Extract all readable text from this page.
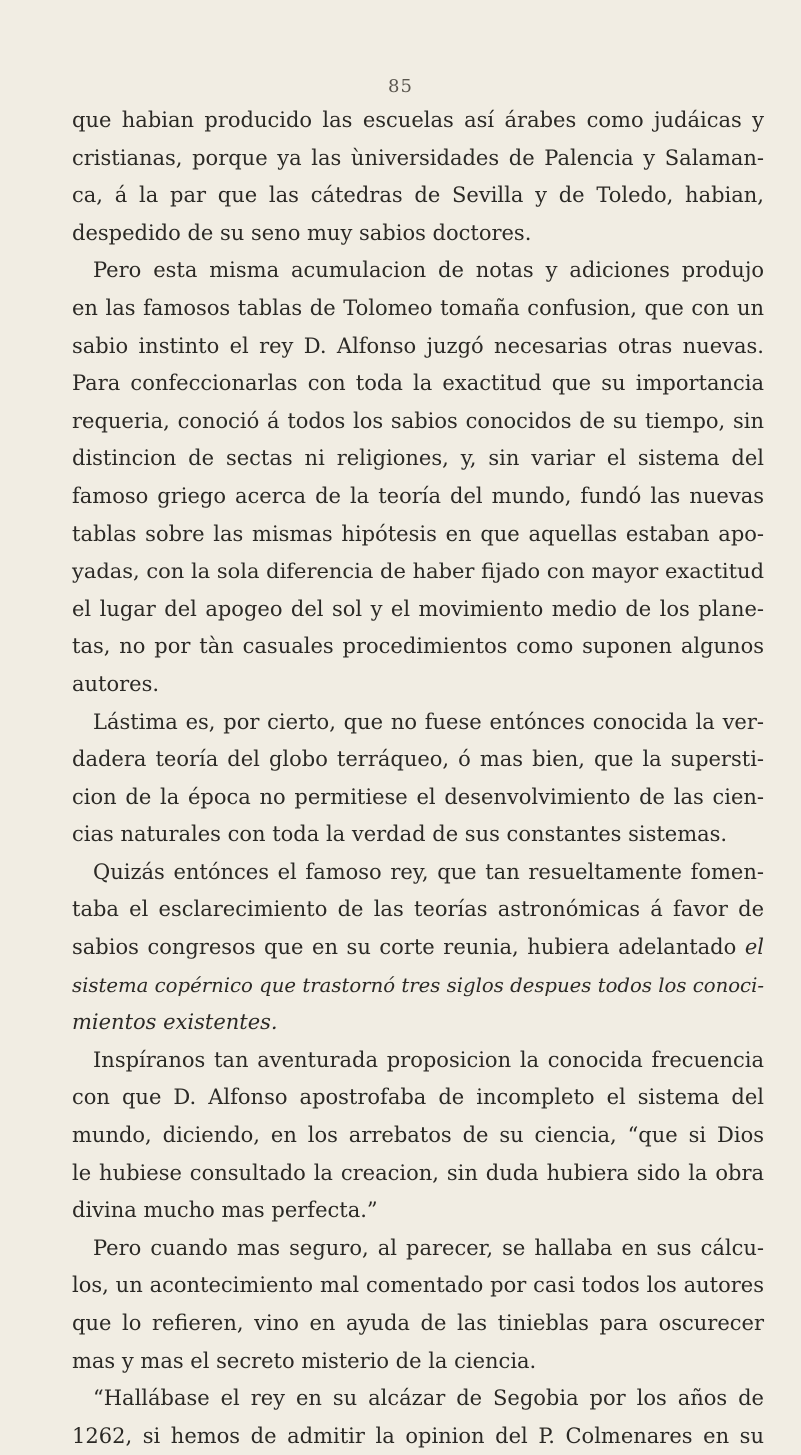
85
que habian producido las escuelas así árabes como judáicas y
cristianas, porque ya las ùniversidades de Palencia y Salaman-
ca, á la par que las cátedras de Sevilla y de Toledo, habian,
despedido de su seno muy sabios doctores.
Pero esta misma acumulacion de notas y adiciones produjo
en las famosos tablas de Tolomeo tomaña confusion, que con un
sabio instinto el rey D. Alfonso juzgó necesarias otras nuevas.
Para confeccionarlas con toda la exactitud que su importancia
requeria, conoció á todos los sabios conocidos de su tiempo, sin
distincion de sectas ni religiones, y, sin variar el sistema del
famoso griego acerca de la teoría del mundo, fundó las nuevas
tablas sobre las mismas hipótesis en que aquellas estaban apo-
yadas, con la sola diferencia de haber fijado con mayor exactitud
el lugar del apogeo del sol y el movimiento medio de los plane-
tas, no por tàn casuales procedimientos como suponen algunos
autores.
Lástima es, por cierto, que no fuese entónces conocida la ver-
dadera teoría del globo terráqueo, ó mas bien, que la supersti-
cion de la época no permitiese el desenvolvimiento de las cien-
cias naturales con toda la verdad de sus constantes sistemas.
Quizás entónces el famoso rey, que tan resueltamente fomen-
taba el esclarecimiento de las teorías astronómicas á favor de
sabios congresos que en su corte reunia, hubiera adelantado el
sistema copérnico que trastornó tres siglos despues todos los conoci-
mientos existentes.
Inspíranos tan aventurada proposicion la conocida frecuencia
con que D. Alfonso apostrofaba de incompleto el sistema del
mundo, diciendo, en los arrebatos de su ciencia, “que si Dios
le hubiese consultado la creacion, sin duda hubiera sido la obra
divina mucho mas perfecta.”
Pero cuando mas seguro, al parecer, se hallaba en sus cálcu-
los, un acontecimiento mal comentado por casi todos los autores
que lo refieren, vino en ayuda de las tinieblas para oscurecer
mas y mas el secreto misterio de la ciencia.
“Hallábase el rey en su alcázar de Segobia por los años de
1262, si hemos de admitir la opinion del P. Colmenares en su
